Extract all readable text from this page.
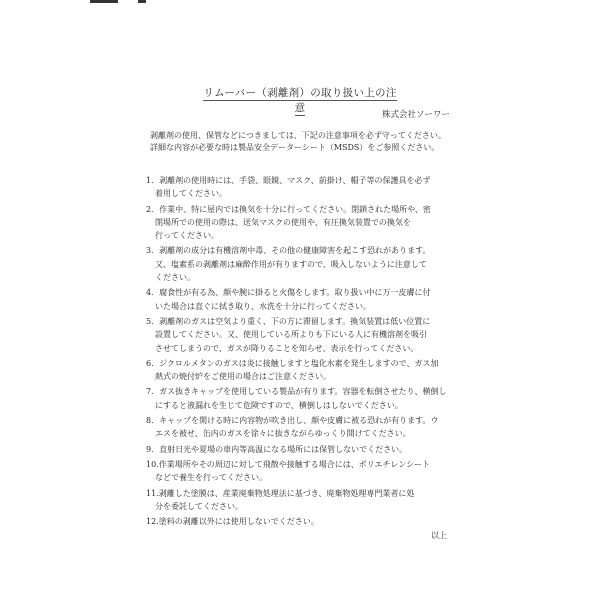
リムーバー（剥離剤）の取り扱い上の注意
株式会社ソーワー
剥離剤の使用、保管などにつきましては、下記の注意事項を必ず守ってください。
詳細な内容が必要な時は製品安全データーシート（MSDS）をご参照ください。
1．剥離剤の使用時には、手袋、眼鏡、マスク、前掛け、帽子等の保護具を必ず
着用してください。
2．作業中、特に屋内では換気を十分に行ってください。閉鎖された場所や、密
閉場所での使用の際は、送気マスクの使用や、有圧換気装置での換気を
行ってください。
3．剥離剤の成分は有機溶剤中毒、その他の健康障害を起こす恐れがあります。
又、塩素系の剥離剤は麻酔作用が有りますので、吸入しないように注意して
ください。
4．腐食性が有る為、顔や腕に掛ると火傷をします。取り扱い中に万一皮膚に付
いた場合は直ぐに拭き取り、水洗を十分に行ってください。
5．剥離剤のガスは空気より重く、下の方に滞留します。換気装置は低い位置に
設置してください。又、使用している所よりも下にいる人に有機溶剤を吸引
させてしまうので、ガスが降りることを知らせ、表示を行ってください。
6．ジクロルメタンのガスは炎に接触しますと塩化水素を発生しますので、ガス加
熱式の焼付炉をご使用の場合はご注意ください。
7．ガス抜きキャップを使用している製品が有ります。容器を転倒させたり、横倒し
にすると液漏れを生じて危険ですので、横倒しはしないでください。
8．キャップを開ける時に内容物が吹き出し、顔や皮膚に被る恐れが有ります。ウ
エスを被せ、缶内のガスを徐々に抜きながらゆっくり開けてください。
9．直射日光や夏場の車内等高温になる場所には保管しないでください。
10.作業場所やその周辺に対して飛散や接触する場合には、ポリエチレンシート
などで養生を行ってください。
11.剥離した塗膜は、産業廃棄物処理法に基づき、廃棄物処理専門業者に処
分を委託してください。
12.塗料の剥離以外には使用しないでください。
以上
